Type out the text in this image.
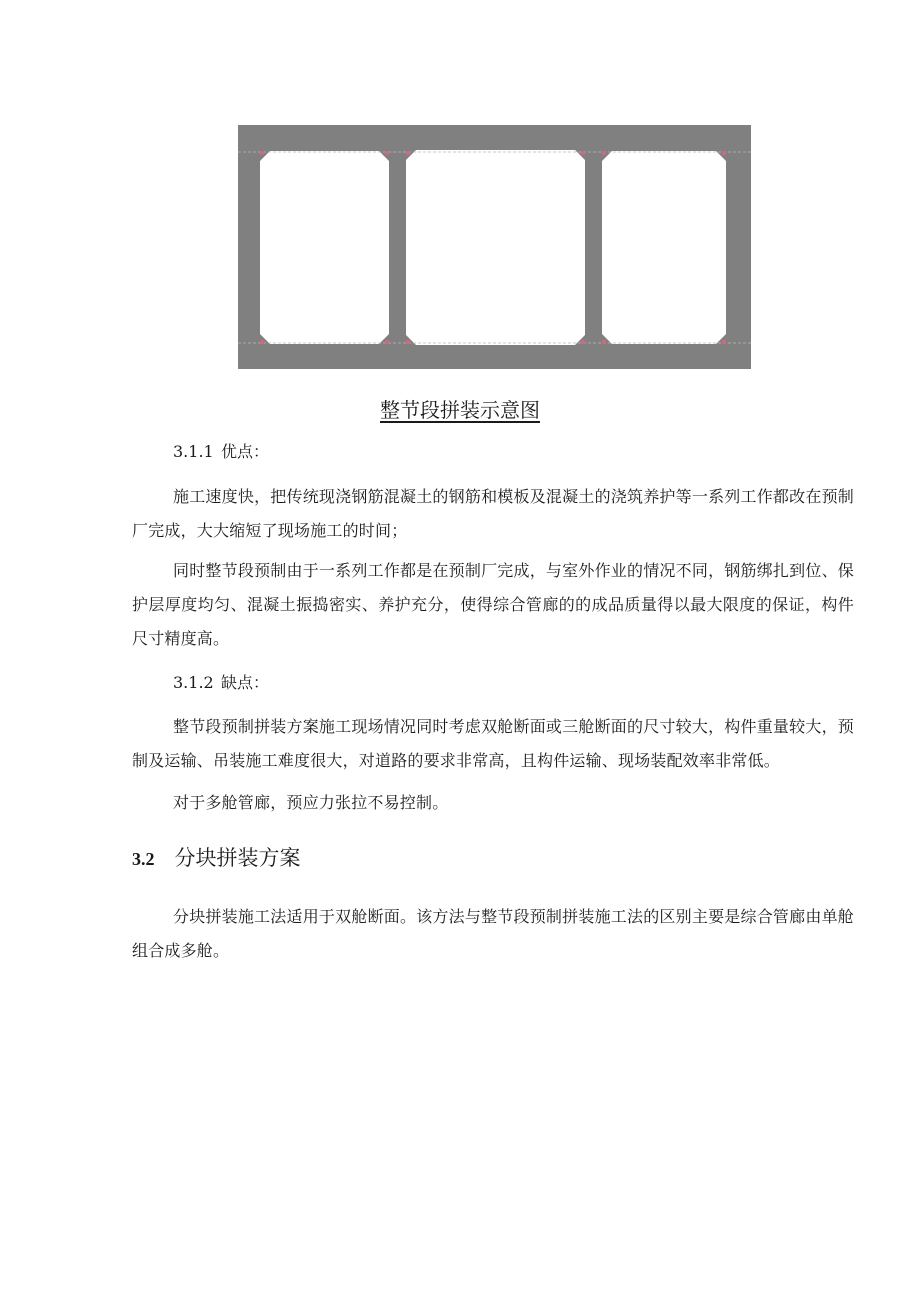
整节段拼装示意图
3.1.1 优点：

施工速度快，把传统现浇钢筋混凝土的钢筋和模板及混凝土的浇筑养护等一系列工作都改在预制厂完成，大大缩短了现场施工的时间；

同时整节段预制由于一系列工作都是在预制厂完成，与室外作业的情况不同，钢筋绑扎到位、保护层厚度均匀、混凝土振捣密实、养护充分，使得综合管廊的的成品质量得以最大限度的保证，构件尺寸精度高。

3.1.2 缺点：

整节段预制拼装方案施工现场情况同时考虑双舱断面或三舱断面的尺寸较大，构件重量较大，预制及运输、吊装施工难度很大，对道路的要求非常高，且构件运输、现场装配效率非常低。

对于多舱管廊，预应力张拉不易控制。

3.2 分块拼装方案

分块拼装施工法适用于双舱断面。该方法与整节段预制拼装施工法的区别主要是综合管廊由单舱组合成多舱。
